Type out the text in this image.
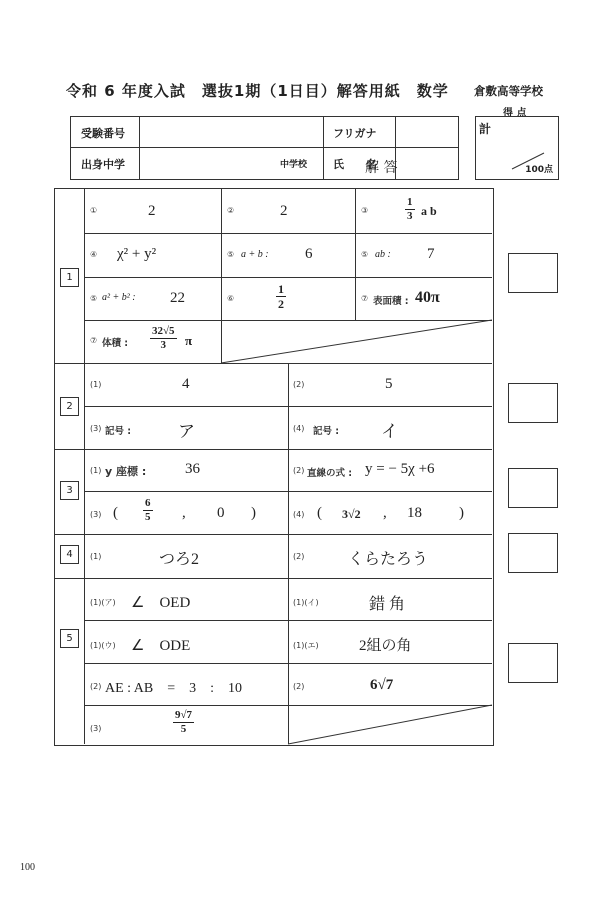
令和 6 年度入試　選抜1期（1日目）解答用紙　数学 倉敷高等学校
受験番号	フリガナ
出身中学	中学校 氏　　名
解 答
得 点
計
100点
1
2
3
4
5
①	2	②	2	③	$\frac{1}{3}$ a b
④ χ² + y²	⑤ a + b : 6	⑤ ab : 7
⑤ a² + b² : 22	⑥	$\frac{1}{2}$	⑦ 表面積 : 40π
⑦ 体積 : $\frac{32√5}{3}$ π
(1)	4	(2)	5
(3) 記号 :	ア	(4) 記号 : イ
(1) y 座標 :	36	(2) 直線の式 : y = − 5χ +6
(3) ( $\frac{6}{5}$ , 0 )	(4) ( 3√2 , 18 )
(1)	つろ2	(2)	くらたろう
(1)(ア) ∠　OED	(1)(イ)	錯 角
(1)(ウ) ∠　ODE	(1)(エ)	2組の角
(2) AE : AB　=　3　:　10	(2)	6√7
(3)	$\frac{9√7}{5}$
100
